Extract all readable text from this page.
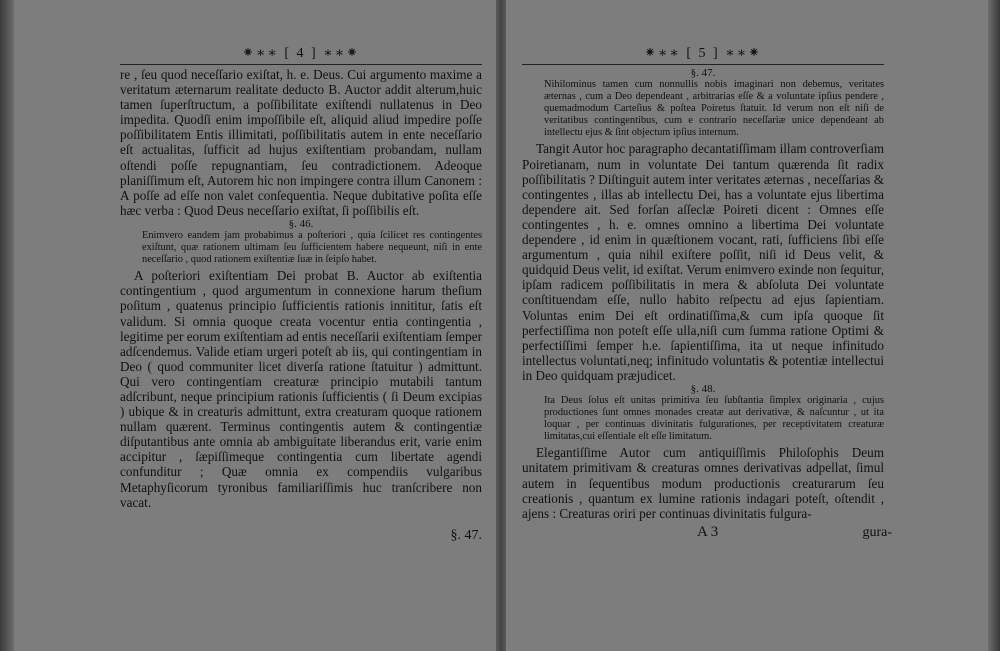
⁕∗∗ [ 4 ] ∗∗⁕

re , ſeu quod neceſſario exiſtat, h. e. Deus. Cui argumento maxime a veritatum æternarum realitate deducto B. Auctor addit alterum,huic tamen ſuperſtructum, a poſſibilitate exiſtendi nullatenus in Deo impedita. Quodſi enim impoſſibile eſt, aliquid aliud impedire poſſe poſſibilitatem Entis illimitati, poſſibilitatis autem in ente neceſſario eſt actualitas, ſufficit ad hujus exiſtentiam probandam, nullam oſtendi poſſe repugnantiam, ſeu contradictionem. Adeoque planiſſimum eſt, Autorem hic non impingere contra illum Canonem : A poſſe ad eſſe non valet conſequentia. Neque dubitative poſita eſſe hæc verba : Quod Deus neceſſario exiſtat, ſi poſſibilis eſt.

§. 46.

Enimvero eandem jam probabimus a poſteriori , quia ſcilicet res contingentes exiſtunt, quæ rationem ultimam ſeu ſufficientem habere nequeunt, niſi in ente neceſſario , quod rationem exiſtentiæ ſuæ in ſeipſo habet.

A poſteriori exiſtentiam Dei probat B. Auctor ab exiſtentia contingentium , quod argumentum in connexione harum theſium poſitum , quatenus principio ſufficientis rationis innititur, ſatis eſt validum. Si omnia quoque creata vocentur entia contingentia , legitime per eorum exiſtentiam ad entis neceſſarii exiſtentiam ſemper adſcendemus. Valide etiam urgeri poteſt ab iis, qui contingentiam in Deo ( quod communiter licet diverſa ratione ſtatuitur ) admittunt. Qui vero contingentiam creaturæ principio mutabili tantum adſcribunt, neque principium rationis ſufficientis ( ſi Deum excipias ) ubique & in creaturis admittunt, extra creaturam quoque rationem nullam quærent. Terminus contingentis autem & contingentiæ diſputantibus ante omnia ab ambiguitate liberandus erit, varie enim accipitur , ſæpiſſimeque contingentia cum libertate agendi confunditur ; Quæ omnia ex compendiis vulgaribus Metaphyſicorum tyronibus familiariſſimis huc tranſcribere non vacat.

§. 47.
⁕∗∗ [ 5 ] ∗∗⁕

§. 47.

Nihilominus tamen cum nonnullis nobis imaginari non debemus, veritates æternas , cum a Deo dependeant , arbitrarias eſſe & a voluntate ipſius pendere , quemadmodum Carteſius & poſtea Poiretus ſtatuit. Id verum non eſt niſi de veritatibus contingentibus, cum e contrario neceſſariæ unice dependeant ab intellectu ejus & ſint objectum ipſius internum.

Tangit Autor hoc paragrapho decantatiſſimam illam controverſiam Poiretianam, num in voluntate Dei tantum quærenda ſit radix poſſibilitatis ? Diſtinguit autem inter veritates æternas , neceſſarias & contingentes , illas ab intellectu Dei, has a voluntate ejus libertima dependere ait. Sed forſan aſſeclæ Poireti dicent : Omnes eſſe contingentes , h. e. omnes omnino a libertima Dei voluntate dependere , id enim in quæſtionem vocant, rati, ſufficiens ſibi eſſe argumentum , quia nihil exiſtere poſſit, niſi id Deus velit, & quidquid Deus velit, id exiſtat. Verum enimvero exinde non ſequitur, ipſam radicem poſſibilitatis in mera & abſoluta Dei voluntate conſtituendam eſſe, nullo habito reſpectu ad ejus ſapientiam. Voluntas enim Dei eſt ordinatiſſima,& cum ipſa quoque ſit perfectiſſima non poteſt eſſe ulla,niſi cum ſumma ratione Optimi & perfectiſſimi ſemper h.e. ſapientiſſima, ita ut neque infinitudo intellectus voluntati,neq; infinitudo voluntatis & potentiæ intellectui in Deo quidquam præjudicet.

§. 48.

Ita Deus ſolus eſt unitas primitiva ſeu ſubſtantia ſimplex originaria , cujus productiones ſunt omnes monades creatæ aut derivativæ, & naſcuntur , ut ita loquar , per continuas divinitatis fulgurationes, per receptivitatem creaturæ limitatas,cui eſſentiale eſt eſſe limitatum.

Elegantiſſime Autor cum antiquiſſimis Philoſophis Deum unitatem primitivam & creaturas omnes derivativas adpellat, ſimul autem in ſequentibus modum productionis creaturarum ſeu creationis , quantum ex lumine rationis indagari poteſt, oſtendit , ajens : Creaturas oriri per continuas divinitatis fulgura-

A 3	gura-
